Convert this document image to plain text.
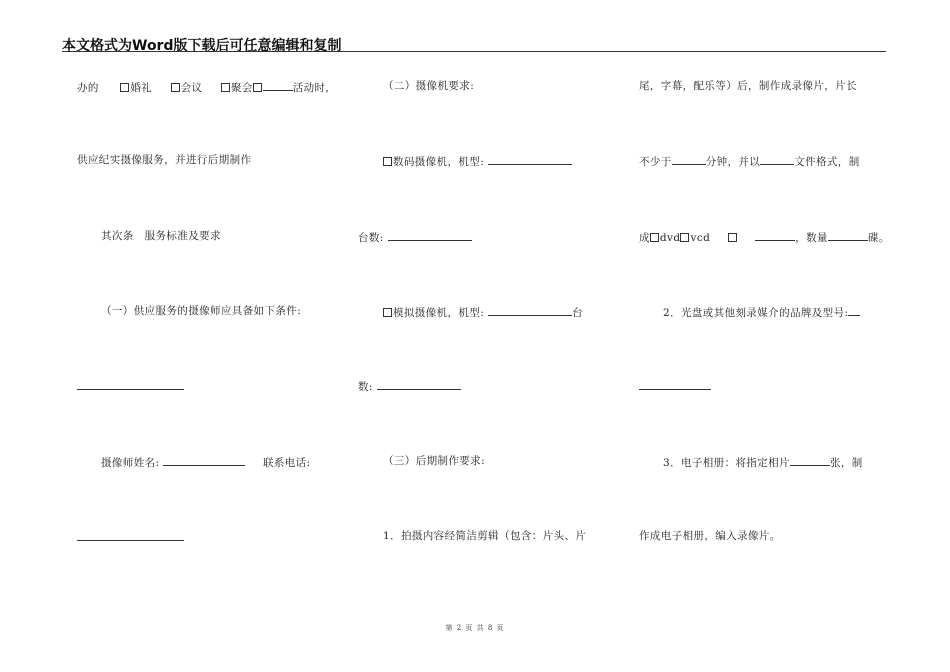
本文格式为Word版下载后可任意编辑和复制
办的	婚礼	会议	聚会	活动时,
供应纪实摄像服务，并进行后期制作
其次条　服务标准及要求
（一）供应服务的摄像师应具备如下条件:
摄像师姓名:	联系电话:
（二）摄像机要求:
数码摄像机，机型:
台数:
模拟摄像机，机型:	台
数:
（三）后期制作要求:
1．拍摄内容经简洁剪辑（包含：片头、片
尾，字幕，配乐等）后，制作成录像片，片长
不少于	分钟，并以	文件格式，制
成 dvd vcd	，数量	碟。
2．光盘或其他刻录媒介的品牌及型号:
3．电子相册：将指定相片	张，制
作成电子相册，编入录像片。
第 2 页 共 8 页
